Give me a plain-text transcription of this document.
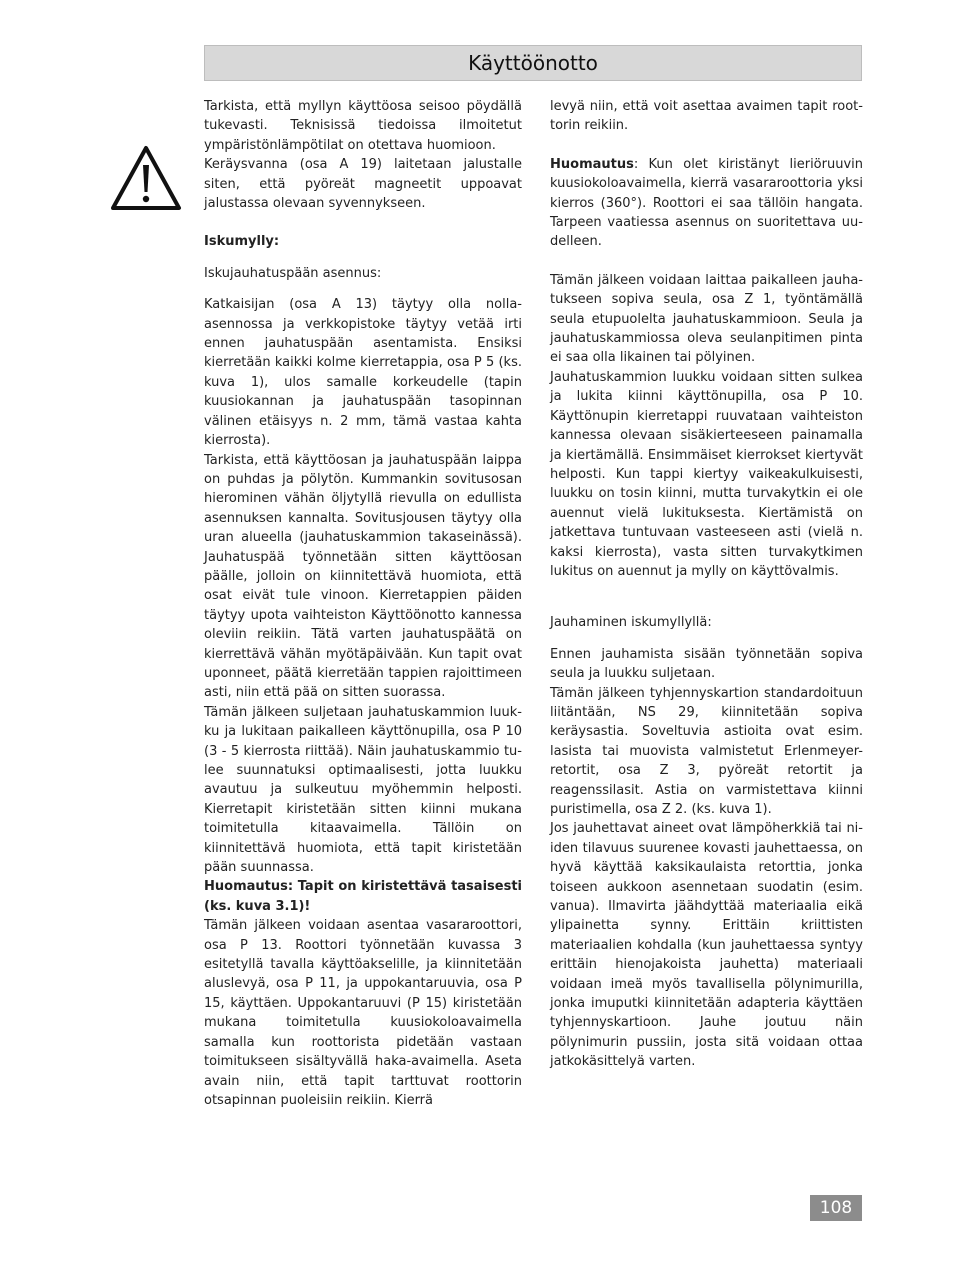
Käyttöönotto

Tarkista, että myllyn käyttöosa seisoo pöydällä tukevasti. Teknisissä tiedoissa ilmoitetut ympäristönlämpötilat on otettava huomioon.

Keräysvanna (osa A 19) laitetaan jalustalle siten, että pyöreät magneetit uppoavat jalustassa olevaan syvennykseen.

Iskumylly:
Iskujauhatuspään asennus:

Katkaisijan (osa A 13) täytyy olla nolla-asennossa ja verkkopistoke täytyy vetää irti ennen jauhatuspään asentamista. Ensiksi kierretään kaikki kolme kierretappia, osa P 5 (ks. kuva 1), ulos samalle korkeudelle (tapin kuusiokannan ja jauhatuspään tasopinnan välinen etäisyys n. 2 mm, tämä vastaa kahta kierrosta).

Tarkista, että käyttöosan ja jauhatuspään laippa on puhdas ja pölytön. Kummankin sovitusosan hierominen vähän öljytyllä rievulla on edullista asennuksen kannalta. Sovitusjousen täytyy olla uran alueella (jauhatuskammion takaseinässä). Jauhatuspää työnnetään sitten käyttöosan päälle, jolloin on kiinnitettävä huomiota, että osat eivät tule vinoon. Kierretappien päiden täytyy upota vaihteiston Käyttöönotto kannessa oleviin reikiin. Tätä varten jauhatuspäätä on kierrettävä vähän myötäpäivään. Kun tapit ovat uponneet, päätä kierretään tappien rajoittimeen asti, niin että pää on sitten suorassa.

Tämän jälkeen suljetaan jauhatuskammion luukku ja lukitaan paikalleen käyttönupilla, osa P 10 (3 - 5 kierrosta riittää). Näin jauhatuskammio tulee suunnatuksi optimaalisesti, jotta luukku avautuu ja sulkeutuu myöhemmin helposti. Kierretapit kiristetään sitten kiinni mukana toimitetulla kitaavaimella. Tällöin on kiinnitettävä huomiota, että tapit kiristetään pään suunnassa.

Huomautus: Tapit on kiristettävä tasaisesti (ks. kuva 3.1)!

Tämän jälkeen voidaan asentaa vasararoottori, osa P 13. Roottori työnnetään kuvassa 3 esitetyllä tavalla käyttöakselille, ja kiinnitetään aluslevyä, osa P 11, ja uppokantaruuvia, osa P 15, käyttäen. Uppokantaruuvi (P 15) kiristetään mukana toimitetulla kuusiokoloavaimella samalla kun roottorista pidetään vastaan toimitukseen sisältyvällä haka-avaimella. Aseta avain niin, että tapit tarttuvat roottorin otsapinnan puoleisiin reikiin. Kierrä

levyä niin, että voit asettaa avaimen tapit roottorin reikiin.

Huomautus: Kun olet kiristänyt lieriöruuvin kuusiokoloavaimella, kierrä vasararoottoria yksi kierros (360°). Roottori ei saa tällöin hangata. Tarpeen vaatiessa asennus on suoritettava uudelleen.

Tämän jälkeen voidaan laittaa paikalleen jauhatukseen sopiva seula, osa Z 1, työntämällä seula etupuolelta jauhatuskammioon. Seula ja jauhatuskammiossa oleva seulanpitimen pinta ei saa olla likainen tai pölyinen.

Jauhatuskammion luukku voidaan sitten sulkea ja lukita kiinni käyttönupilla, osa P 10. Käyttönupin kierretappi ruuvataan vaihteiston kannessa olevaan sisäkierteeseen painamalla ja kiertämällä. Ensimmäiset kierrokset kiertyvät helposti. Kun tappi kiertyy vaikeakulkuisesti, luukku on tosin kiinni, mutta turvakytkin ei ole auennut vielä lukituksesta. Kiertämistä on jatkettava tuntuvaan vasteeseen asti (vielä n. kaksi kierrosta), vasta sitten turvakytkimen lukitus on auennut ja mylly on käyttövalmis.

Jauhaminen iskumyllyllä:

Ennen jauhamista sisään työnnetään sopiva seula ja luukku suljetaan.

Tämän jälkeen tyhjennyskartion standardoituun liitäntään, NS 29, kiinnitetään sopiva keräysastia. Soveltuvia astioita ovat esim. lasista tai muovista valmistetut Erlenmeyer-retortit, osa Z 3, pyöreät retortit ja reagenssilasit. Astia on varmistettava kiinni puristimella, osa Z 2. (ks. kuva 1).

Jos jauhettavat aineet ovat lämpöherkkiä tai niiden tilavuus suurenee kovasti jauhettaessa, on hyvä käyttää kaksikaulaista retorttia, jonka toiseen aukkoon asennetaan suodatin (esim. vanua). Ilmavirta jäähdyttää materiaalia eikä ylipainetta synny. Erittäin kriittisten materiaalien kohdalla (kun jauhettaessa syntyy erittäin hienojakoista jauhetta) materiaali voidaan imeä myös tavallisella pölynimurilla, jonka imuputki kiinnitetään adapteria käyttäen tyhjennyskartioon. Jauhe joutuu näin pölynimurin pussiin, josta sitä voidaan ottaa jatkokäsittelyä varten.

108
